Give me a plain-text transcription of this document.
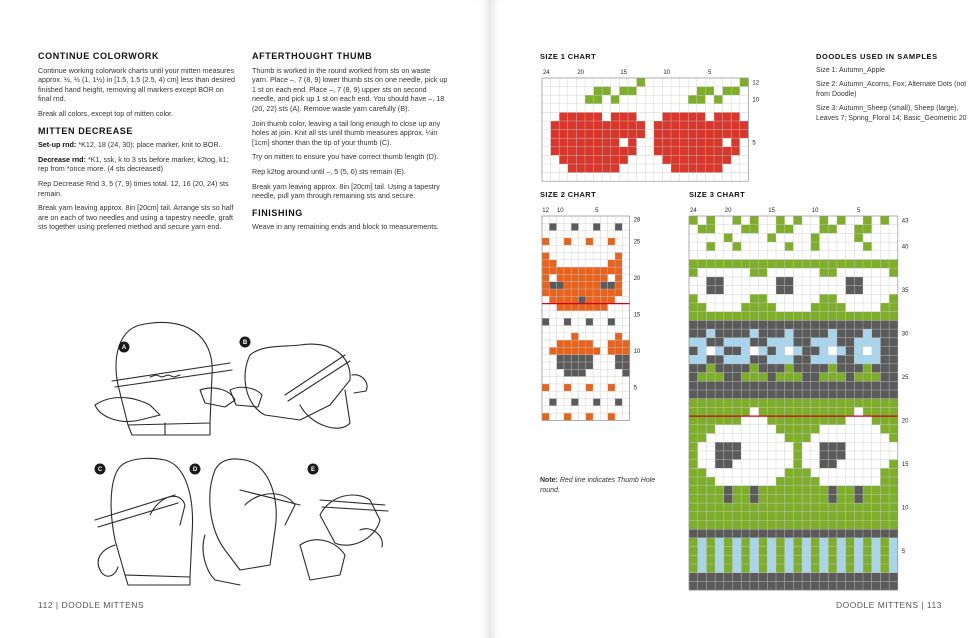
CONTINUE COLORWORK

Continue working colorwork charts until your mitten measures approx. ½, ½ (1, 1½) in [1.5, 1.5 (2.5, 4) cm] less than desired finished hand height, removing all markers except BOR on final rnd.

Break all colors, except top of mitten color.

MITTEN DECREASE

Set-up rnd: *K12, 18 (24, 30); place marker, knit to BOR.

Decrease rnd: *K1, ssk, k to 3 sts before marker, k2tog, k1; rep from *once more. (4 sts decreased)

Rep Decrease Rnd 3, 5 (7, 9) times total. 12, 16 (20, 24) sts remain.

Break yarn leaving approx. 8in [20cm] tail. Arrange sts so half are on each of two needles and using a tapestry needle, graft sts together using preferred method and secure yarn end.

AFTERTHOUGHT THUMB

Thumb is worked in the round worked from sts on waste yarn. Place –, 7 (8, 9) lower thumb sts on one needle, pick up 1 st on each end. Place –, 7 (8, 9) upper sts on second needle, and pick up 1 st on each end. You should have –, 18 (20, 22) sts (A). Remove waste yarn carefully (B).

Join thumb color, leaving a tail long enough to close up any holes at join. Knit all sts until thumb measures approx. ¼in [1cm] shorter than the tip of your thumb (C).

Try on mitten to ensure you have correct thumb length (D).

Rep k2tog around until –, 5 (5, 6) sts remain (E).

Break yarn leaving approx. 8in [20cm] tail. Using a tapestry needle, pull yarn through remaining sts and secure.

FINISHING

Weave in any remaining ends and block to measurements.

A
B
C	D	E
112 | DOODLE MITTENS	DOODLE MITTENS | 113
SIZE 1 CHART
SIZE 2 CHART	SIZE 3 CHART
24	20	15	10	5
12
10
5
12 10	5
28
25
20
15
10
5
24	20	15	10	5
43
40
35
30
25
20
15
10
5
Note: Red line indicates Thumb Hole round.
DOODLES USED IN SAMPLES

Size 1: Autumn_Apple

Size 2: Autumn_Acorns, Fox; Alternate Dots (not from Doodle)

Size 3: Autumn_Sheep (small), Sheep (large), Leaves 7; Spring_Floral 14; Basic_Geometric 20
